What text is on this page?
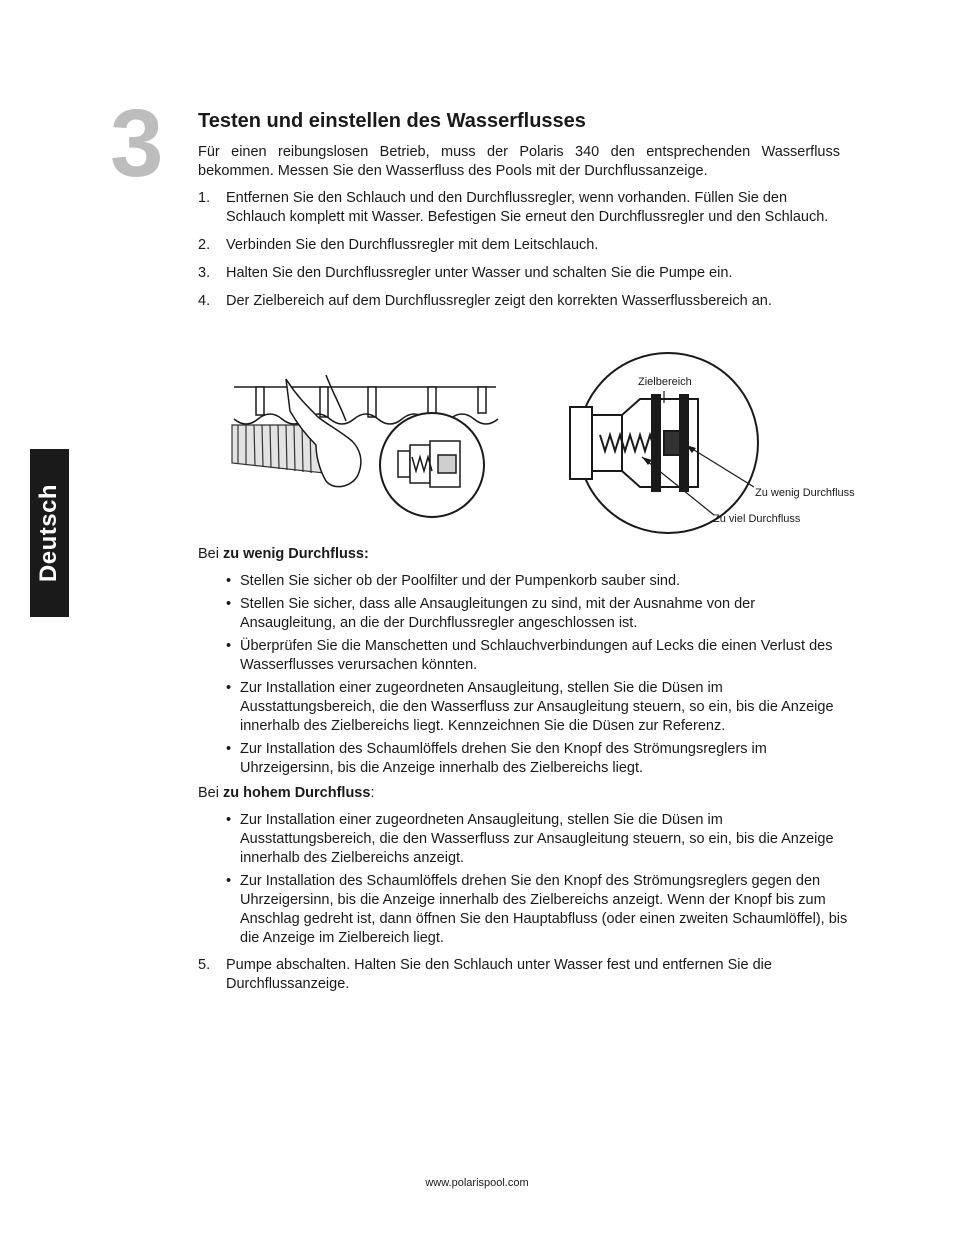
3
Deutsch
Testen und einstellen des Wasserflusses

Für einen reibungslosen Betrieb, muss der Polaris 340 den entsprechenden Wasserfluss bekommen. Messen Sie den Wasserfluss des Pools mit der Durchflussanzeige.

1.	Entfernen Sie den Schlauch und den Durchflussregler, wenn vorhanden. Füllen Sie den Schlauch komplett mit Wasser. Befestigen Sie erneut den Durchflussregler und den Schlauch.
2.	Verbinden Sie den Durchflussregler mit dem Leitschlauch.
3.	Halten Sie den Durchflussregler unter Wasser und schalten Sie die Pumpe ein.
4.	Der Zielbereich auf dem Durchflussregler zeigt den korrekten Wasserflussbereich an.
Zielbereich
Zu wenig Durchfluss
Zu viel Durchfluss
Bei zu wenig Durchfluss:
• Stellen Sie sicher ob der Poolfilter und der Pumpenkorb sauber sind.
• Stellen Sie sicher, dass alle Ansaugleitungen zu sind, mit der Ausnahme von der Ansaugleitung, an die der Durchflussregler angeschlossen ist.
• Überprüfen Sie die Manschetten und Schlauchverbindungen auf Lecks die einen Verlust des Wasserflusses verursachen könnten.
• Zur Installation einer zugeordneten Ansaugleitung, stellen Sie die Düsen im Ausstattungsbereich, die den Wasserfluss zur Ansaugleitung steuern, so ein, bis die Anzeige innerhalb des Zielbereichs liegt. Kennzeichnen Sie die Düsen zur Referenz.
• Zur Installation des Schaumlöffels drehen Sie den Knopf des Strömungsreglers im Uhrzeigersinn, bis die Anzeige innerhalb des Zielbereichs liegt.
Bei zu hohem Durchfluss:
• Zur Installation einer zugeordneten Ansaugleitung, stellen Sie die Düsen im Ausstattungsbereich, die den Wasserfluss zur Ansaugleitung steuern, so ein, bis die Anzeige innerhalb des Zielbereichs anzeigt.
• Zur Installation des Schaumlöffels drehen Sie den Knopf des Strömungsreglers gegen den Uhrzeigersinn, bis die Anzeige innerhalb des Zielbereichs anzeigt. Wenn der Knopf bis zum Anschlag gedreht ist, dann öffnen Sie den Hauptabfluss (oder einen zweiten Schaumlöffel), bis die Anzeige im Zielbereich liegt.
5.	Pumpe abschalten. Halten Sie den Schlauch unter Wasser fest und entfernen Sie die Durchflussanzeige.
www.polarispool.com
